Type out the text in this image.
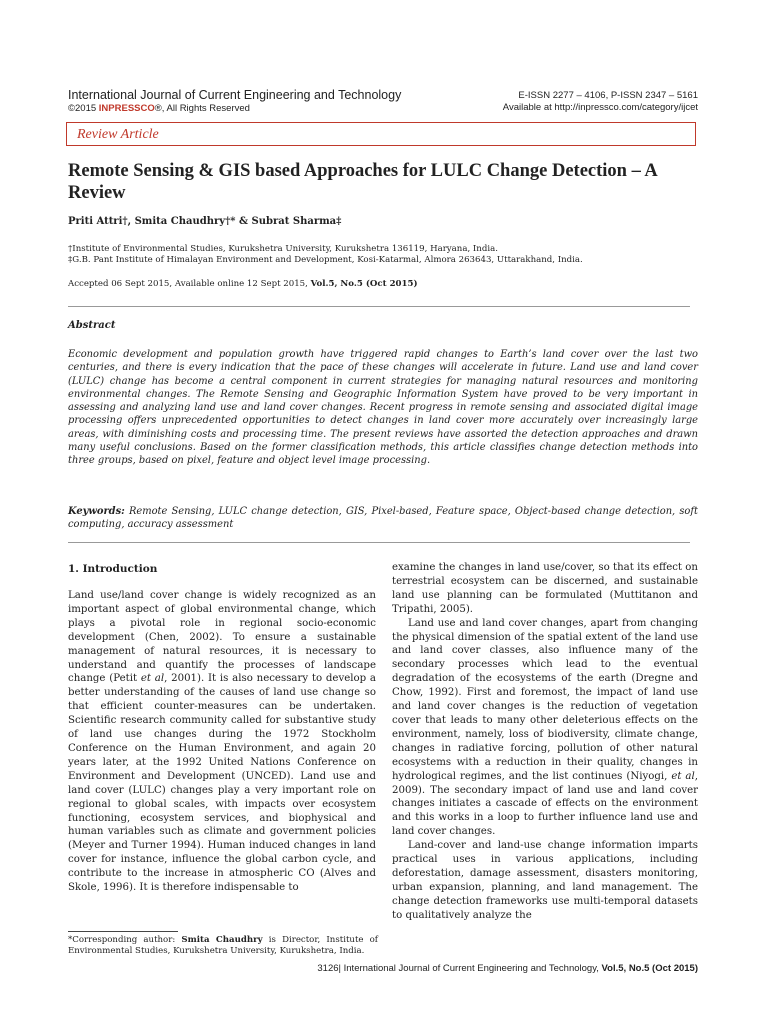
International Journal of Current Engineering and Technology
©2015 INPRESSCO®, All Rights Reserved
E-ISSN 2277 – 4106, P-ISSN 2347 – 5161
Available at http://inpressco.com/category/ijcet
Review Article
Remote Sensing & GIS based Approaches for LULC Change Detection – A Review
Priti Attri†, Smita Chaudhry†* & Subrat Sharma‡
†Institute of Environmental Studies, Kurukshetra University, Kurukshetra 136119, Haryana, India.
‡G.B. Pant Institute of Himalayan Environment and Development, Kosi-Katarmal, Almora 263643, Uttarakhand, India.
Accepted 06 Sept 2015, Available online 12 Sept 2015, Vol.5, No.5 (Oct 2015)
Abstract
Economic development and population growth have triggered rapid changes to Earth’s land cover over the last two centuries, and there is every indication that the pace of these changes will accelerate in future. Land use and land cover (LULC) change has become a central component in current strategies for managing natural resources and monitoring environmental changes. The Remote Sensing and Geographic Information System have proved to be very important in assessing and analyzing land use and land cover changes. Recent progress in remote sensing and associated digital image processing offers unprecedented opportunities to detect changes in land cover more accurately over increasingly large areas, with diminishing costs and processing time. The present reviews have assorted the detection approaches and drawn many useful conclusions. Based on the former classification methods, this article classifies change detection methods into three groups, based on pixel, feature and object level image processing.
Keywords: Remote Sensing, LULC change detection, GIS, Pixel-based, Feature space, Object-based change detection, soft computing, accuracy assessment
1. Introduction

Land use/land cover change is widely recognized as an important aspect of global environmental change, which plays a pivotal role in regional socio-economic development (Chen, 2002). To ensure a sustainable management of natural resources, it is necessary to understand and quantify the processes of landscape change (Petit et al, 2001). It is also necessary to develop a better understanding of the causes of land use change so that efficient counter-measures can be undertaken. Scientific research community called for substantive study of land use changes during the 1972 Stockholm Conference on the Human Environment, and again 20 years later, at the 1992 United Nations Conference on Environment and Development (UNCED). Land use and land cover (LULC) changes play a very important role on regional to global scales, with impacts over ecosystem functioning, ecosystem services, and biophysical and human variables such as climate and government policies (Meyer and Turner 1994). Human induced changes in land cover for instance, influence the global carbon cycle, and contribute to the increase in atmospheric CO (Alves and Skole, 1996). It is therefore indispensable to

examine the changes in land use/cover, so that its effect on terrestrial ecosystem can be discerned, and sustainable land use planning can be formulated (Muttitanon and Tripathi, 2005).

Land use and land cover changes, apart from changing the physical dimension of the spatial extent of the land use and land cover classes, also influence many of the secondary processes which lead to the eventual degradation of the ecosystems of the earth (Dregne and Chow, 1992). First and foremost, the impact of land use and land cover changes is the reduction of vegetation cover that leads to many other deleterious effects on the environment, namely, loss of biodiversity, climate change, changes in radiative forcing, pollution of other natural ecosystems with a reduction in their quality, changes in hydrological regimes, and the list continues (Niyogi, et al, 2009). The secondary impact of land use and land cover changes initiates a cascade of effects on the environment and this works in a loop to further influence land use and land cover changes.

Land-cover and land-use change information imparts practical uses in various applications, including deforestation, damage assessment, disasters monitoring, urban expansion, planning, and land management. The change detection frameworks use multi-temporal datasets to qualitatively analyze the

*Corresponding author: Smita Chaudhry is Director, Institute of Environmental Studies, Kurukshetra University, Kurukshetra, India.
3126| International Journal of Current Engineering and Technology, Vol.5, No.5 (Oct 2015)
